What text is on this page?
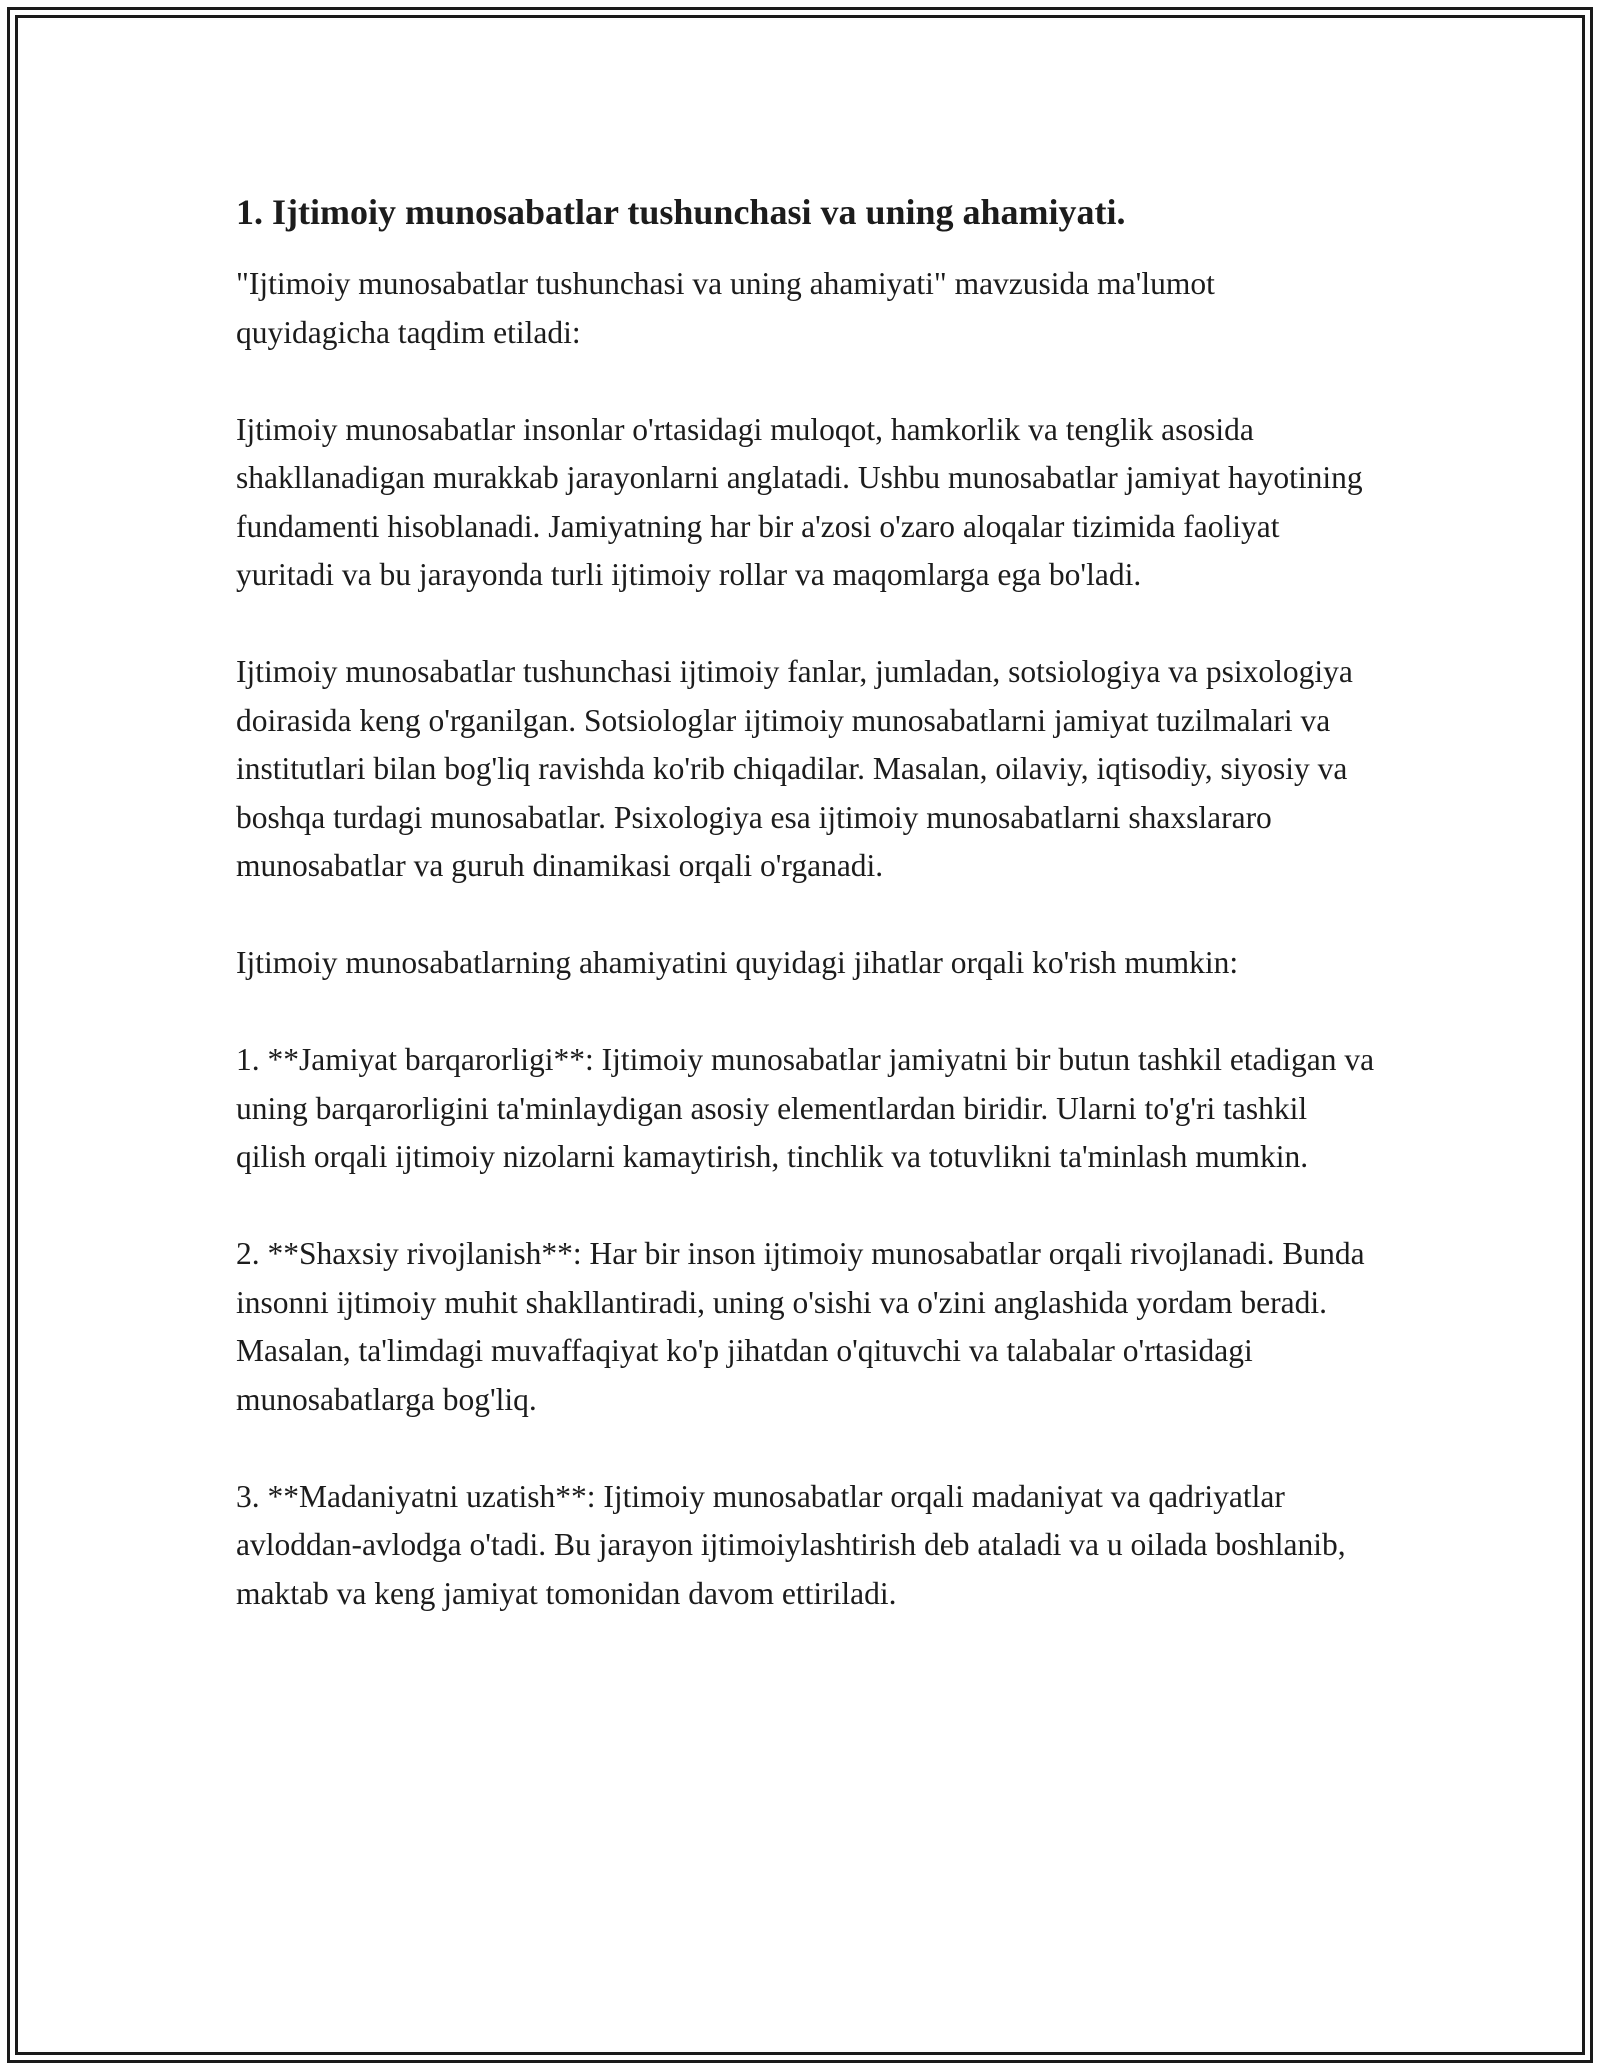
1. Ijtimoiy munosabatlar tushunchasi va uning ahamiyati.

"Ijtimoiy munosabatlar tushunchasi va uning ahamiyati" mavzusida ma'lumot quyidagicha taqdim etiladi:

Ijtimoiy munosabatlar insonlar o'rtasidagi muloqot, hamkorlik va tenglik asosida shakllanadigan murakkab jarayonlarni anglatadi. Ushbu munosabatlar jamiyat hayotining fundamenti hisoblanadi. Jamiyatning har bir a'zosi o'zaro aloqalar tizimida faoliyat yuritadi va bu jarayonda turli ijtimoiy rollar va maqomlarga ega bo'ladi.

Ijtimoiy munosabatlar tushunchasi ijtimoiy fanlar, jumladan, sotsiologiya va psixologiya doirasida keng o'rganilgan. Sotsiologlar ijtimoiy munosabatlarni jamiyat tuzilmalari va institutlari bilan bog'liq ravishda ko'rib chiqadilar. Masalan, oilaviy, iqtisodiy, siyosiy va boshqa turdagi munosabatlar. Psixologiya esa ijtimoiy munosabatlarni shaxslararo munosabatlar va guruh dinamikasi orqali o'rganadi.

Ijtimoiy munosabatlarning ahamiyatini quyidagi jihatlar orqali ko'rish mumkin:

1. **Jamiyat barqarorligi**: Ijtimoiy munosabatlar jamiyatni bir butun tashkil etadigan va uning barqarorligini ta'minlaydigan asosiy elementlardan biridir. Ularni to'g'ri tashkil qilish orqali ijtimoiy nizolarni kamaytirish, tinchlik va totuvlikni ta'minlash mumkin.

2. **Shaxsiy rivojlanish**: Har bir inson ijtimoiy munosabatlar orqali rivojlanadi. Bunda insonni ijtimoiy muhit shakllantiradi, uning o'sishi va o'zini anglashida yordam beradi. Masalan, ta'limdagi muvaffaqiyat ko'p jihatdan o'qituvchi va talabalar o'rtasidagi munosabatlarga bog'liq.

3. **Madaniyatni uzatish**: Ijtimoiy munosabatlar orqali madaniyat va qadriyatlar avloddan-avlodga o'tadi. Bu jarayon ijtimoiylashtirish deb ataladi va u oilada boshlanib, maktab va keng jamiyat tomonidan davom ettiriladi.
